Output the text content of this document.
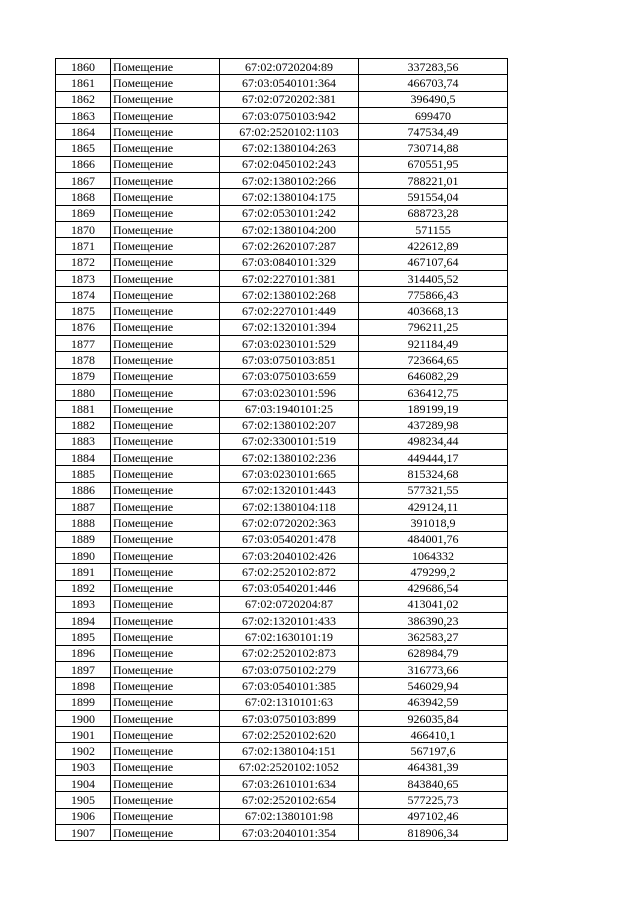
1860	Помещение	67:02:0720204:89	337283,56
1861	Помещение	67:03:0540101:364	466703,74
1862	Помещение	67:02:0720202:381	396490,5
1863	Помещение	67:03:0750103:942	699470
1864	Помещение	67:02:2520102:1103	747534,49
1865	Помещение	67:02:1380104:263	730714,88
1866	Помещение	67:02:0450102:243	670551,95
1867	Помещение	67:02:1380102:266	788221,01
1868	Помещение	67:02:1380104:175	591554,04
1869	Помещение	67:02:0530101:242	688723,28
1870	Помещение	67:02:1380104:200	571155
1871	Помещение	67:02:2620107:287	422612,89
1872	Помещение	67:03:0840101:329	467107,64
1873	Помещение	67:02:2270101:381	314405,52
1874	Помещение	67:02:1380102:268	775866,43
1875	Помещение	67:02:2270101:449	403668,13
1876	Помещение	67:02:1320101:394	796211,25
1877	Помещение	67:03:0230101:529	921184,49
1878	Помещение	67:03:0750103:851	723664,65
1879	Помещение	67:03:0750103:659	646082,29
1880	Помещение	67:03:0230101:596	636412,75
1881	Помещение	67:03:1940101:25	189199,19
1882	Помещение	67:02:1380102:207	437289,98
1883	Помещение	67:02:3300101:519	498234,44
1884	Помещение	67:02:1380102:236	449444,17
1885	Помещение	67:03:0230101:665	815324,68
1886	Помещение	67:02:1320101:443	577321,55
1887	Помещение	67:02:1380104:118	429124,11
1888	Помещение	67:02:0720202:363	391018,9
1889	Помещение	67:03:0540201:478	484001,76
1890	Помещение	67:03:2040102:426	1064332
1891	Помещение	67:02:2520102:872	479299,2
1892	Помещение	67:03:0540201:446	429686,54
1893	Помещение	67:02:0720204:87	413041,02
1894	Помещение	67:02:1320101:433	386390,23
1895	Помещение	67:02:1630101:19	362583,27
1896	Помещение	67:02:2520102:873	628984,79
1897	Помещение	67:03:0750102:279	316773,66
1898	Помещение	67:03:0540101:385	546029,94
1899	Помещение	67:02:1310101:63	463942,59
1900	Помещение	67:03:0750103:899	926035,84
1901	Помещение	67:02:2520102:620	466410,1
1902	Помещение	67:02:1380104:151	567197,6
1903	Помещение	67:02:2520102:1052	464381,39
1904	Помещение	67:03:2610101:634	843840,65
1905	Помещение	67:02:2520102:654	577225,73
1906	Помещение	67:02:1380101:98	497102,46
1907	Помещение	67:03:2040101:354	818906,34
